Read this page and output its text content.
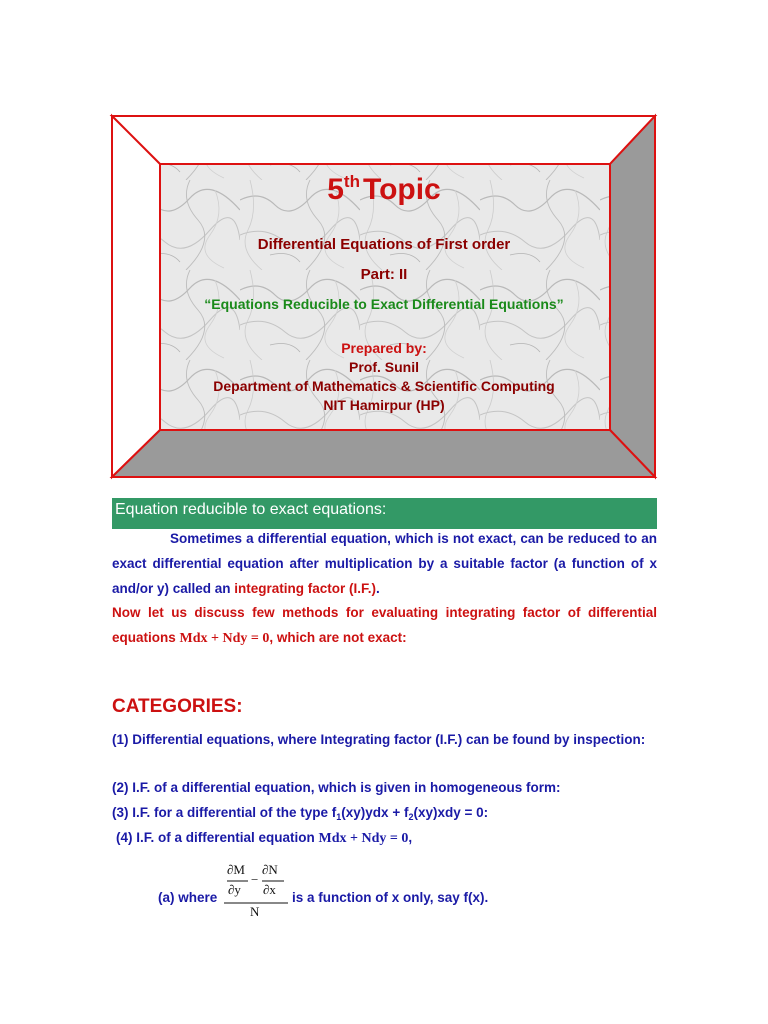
5th Topic
Differential Equations of First order
Part: II
“Equations Reducible to Exact Differential Equations”
Prepared by:
Prof. Sunil
Department of Mathematics & Scientific Computing
NIT Hamirpur (HP)
Equation reducible to exact equations:

Sometimes a differential equation, which is not exact, can be reduced to an exact differential equation after multiplication by a suitable factor (a function of x and/or y) called an integrating factor (I.F.).

Now let us discuss few methods for evaluating integrating factor of differential equations Mdx + Ndy = 0, which are not exact:

CATEGORIES:

(1) Differential equations, where Integrating factor (I.F.) can be found by inspection:

(2) I.F. of a differential equation, which is given in homogeneous form:

(3) I.F. for a differential of the type $f_1(xy)ydx + f_2(xy)xdy = 0$:

(4) I.F. of a differential equation Mdx + Ndy = 0,

(a) where
∂M
∂y
−
∂N
∂x
N
is a function of x only, say f(x).
